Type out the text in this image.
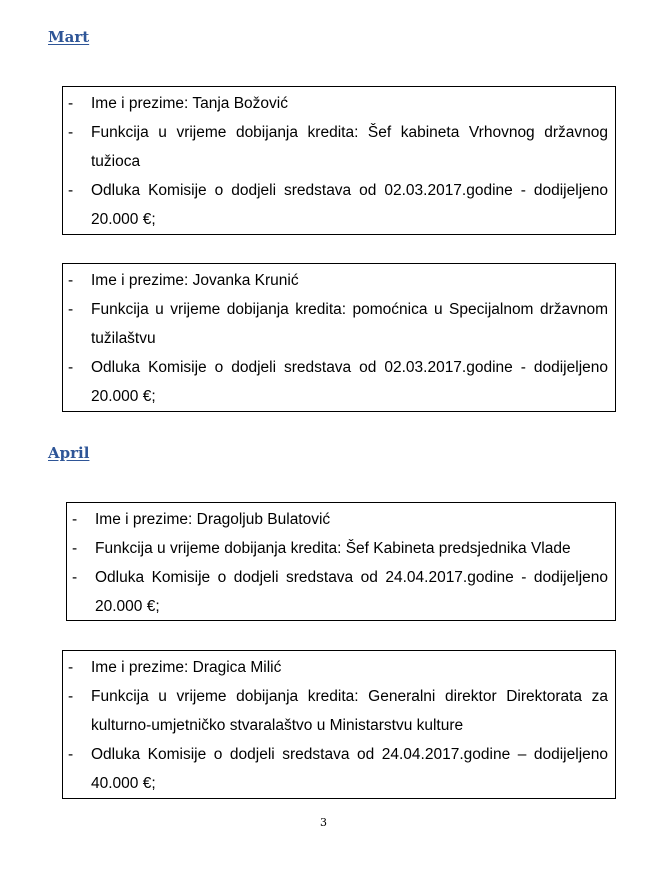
Mart
-	Ime i prezime: Tanja Božović
-	Funkcija u vrijeme dobijanja kredita: Šef kabineta Vrhovnog državnog tužioca
-	Odluka Komisije o dodjeli sredstava od 02.03.2017.godine - dodijeljeno 20.000 €;
-	Ime i prezime: Jovanka Krunić
-	Funkcija u vrijeme dobijanja kredita: pomoćnica u Specijalnom državnom tužilaštvu
-	Odluka Komisije o dodjeli sredstava od 02.03.2017.godine - dodijeljeno 20.000 €;
April
-	Ime i prezime: Dragoljub Bulatović
-	Funkcija u vrijeme dobijanja kredita: Šef Kabineta predsjednika Vlade
-	Odluka Komisije o dodjeli sredstava od 24.04.2017.godine - dodijeljeno 20.000 €;
-	Ime i prezime: Dragica Milić
-	Funkcija u vrijeme dobijanja kredita: Generalni direktor Direktorata za kulturno-umjetničko stvaralaštvo u Ministarstvu kulture
-	Odluka Komisije o dodjeli sredstava od 24.04.2017.godine – dodijeljeno 40.000 €;
3
